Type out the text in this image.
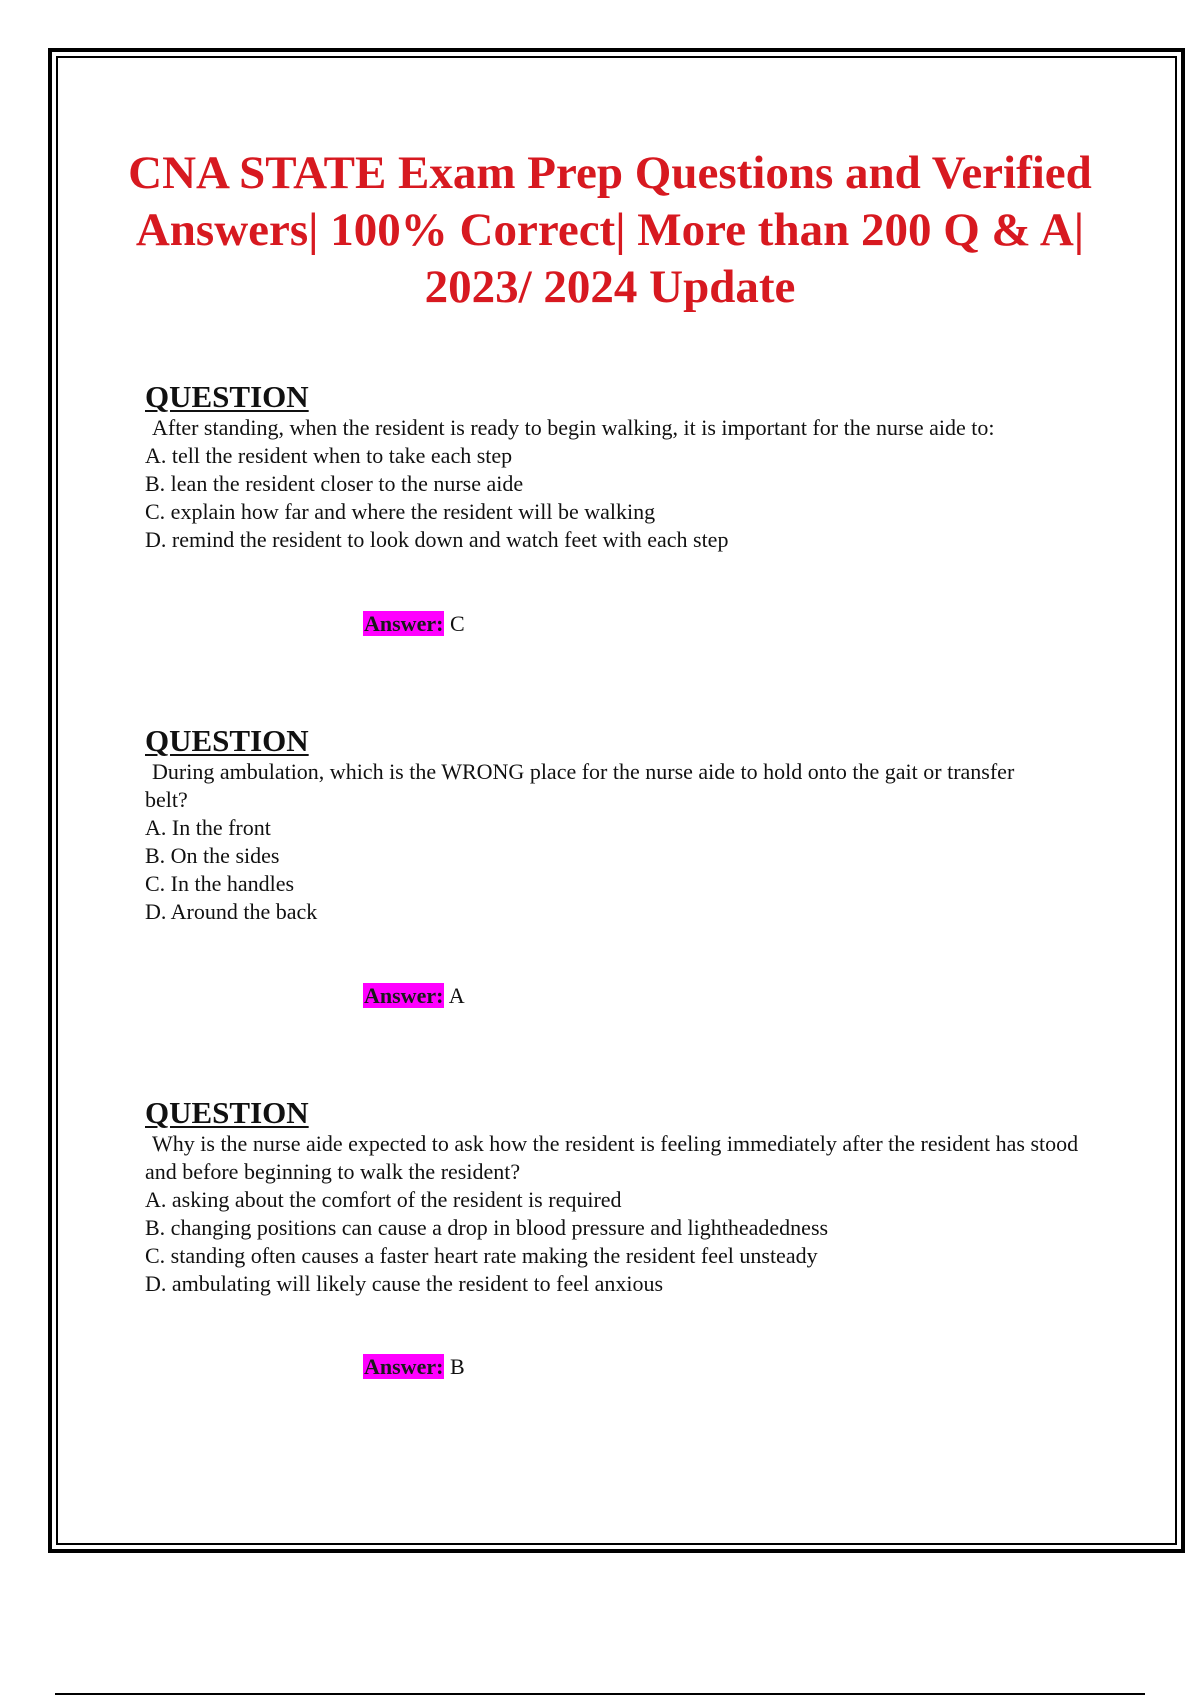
CNA STATE Exam Prep Questions and Verified Answers| 100% Correct| More than 200 Q & A| 2023/ 2024 Update
QUESTION

After standing, when the resident is ready to begin walking, it is important for the nurse aide to:

A. tell the resident when to take each step

B. lean the resident closer to the nurse aide

C. explain how far and where the resident will be walking

D. remind the resident to look down and watch feet with each step

Answer: C
QUESTION

During ambulation, which is the WRONG place for the nurse aide to hold onto the gait or transfer belt?

A. In the front

B. On the sides

C. In the handles

D. Around the back

Answer: A
QUESTION

Why is the nurse aide expected to ask how the resident is feeling immediately after the resident has stood and before beginning to walk the resident?

A. asking about the comfort of the resident is required

B. changing positions can cause a drop in blood pressure and lightheadedness

C. standing often causes a faster heart rate making the resident feel unsteady

D. ambulating will likely cause the resident to feel anxious

Answer: B
